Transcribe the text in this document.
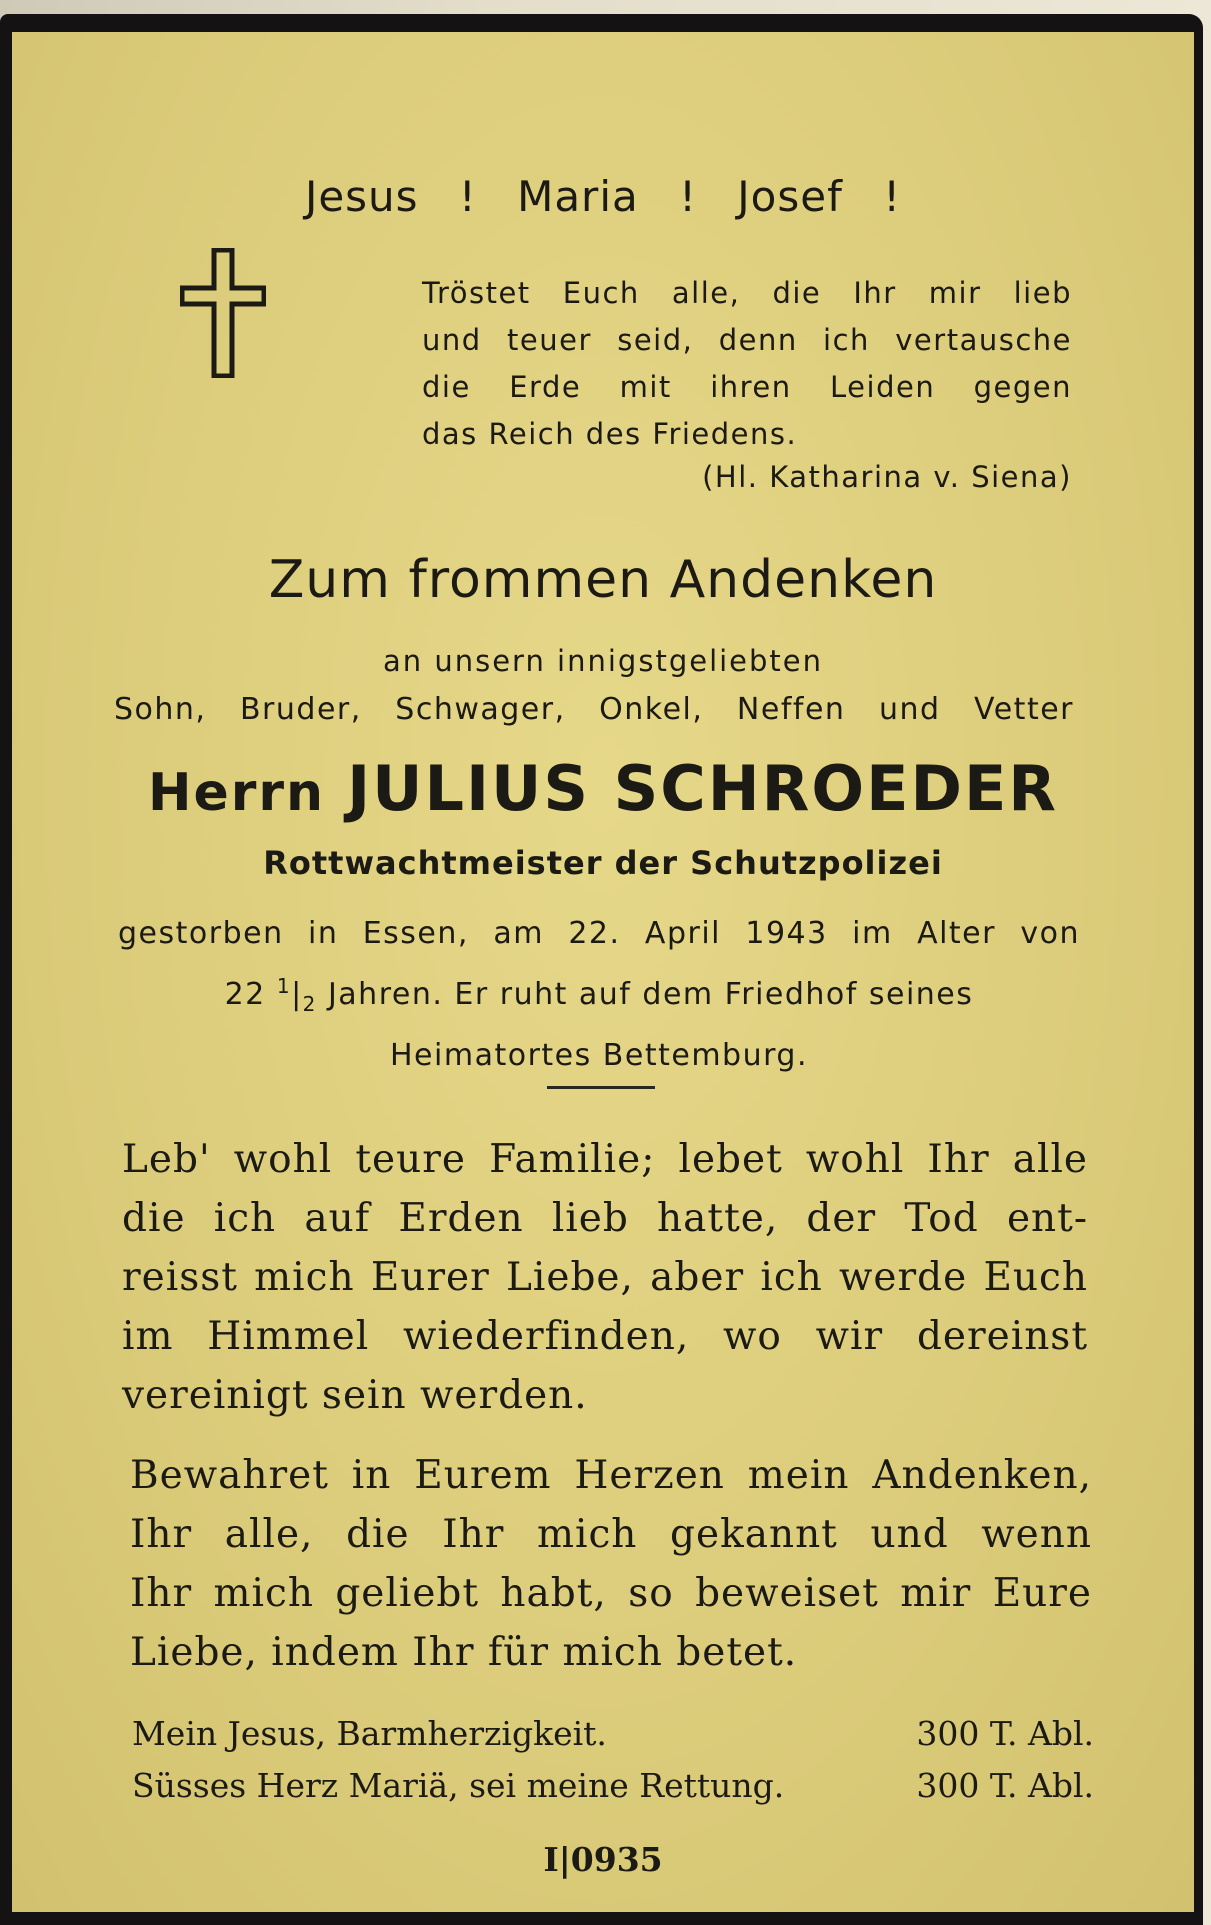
Jesus ! Maria ! Josef !
Tröstet Euch alle, die Ihr mir lieb
und teuer seid, denn ich vertausche
die Erde mit ihren Leiden gegen
das Reich des Friedens.
(Hl. Katharina v. Siena)
Zum frommen Andenken
an unsern innigstgeliebten
Sohn, Bruder, Schwager, Onkel, Neffen und Vetter
Herrn JULIUS SCHROEDER
Rottwachtmeister der Schutzpolizei
gestorben in Essen, am 22. April 1943 im Alter von
22 $^1|_2$ Jahren. Er ruht auf dem Friedhof seines
Heimatortes Bettemburg.
Leb' wohl teure Familie; lebet wohl Ihr alle
die ich auf Erden lieb hatte, der Tod ent-
reisst mich Eurer Liebe, aber ich werde Euch
im Himmel wiederfinden, wo wir dereinst
vereinigt sein werden.
Bewahret in Eurem Herzen mein Andenken,
Ihr alle, die Ihr mich gekannt und wenn
Ihr mich geliebt habt, so beweiset mir Eure
Liebe, indem Ihr für mich betet.
Mein Jesus, Barmherzigkeit.	300 T. Abl.
Süsses Herz Mariä, sei meine Rettung.	300 T. Abl.
I|0935
